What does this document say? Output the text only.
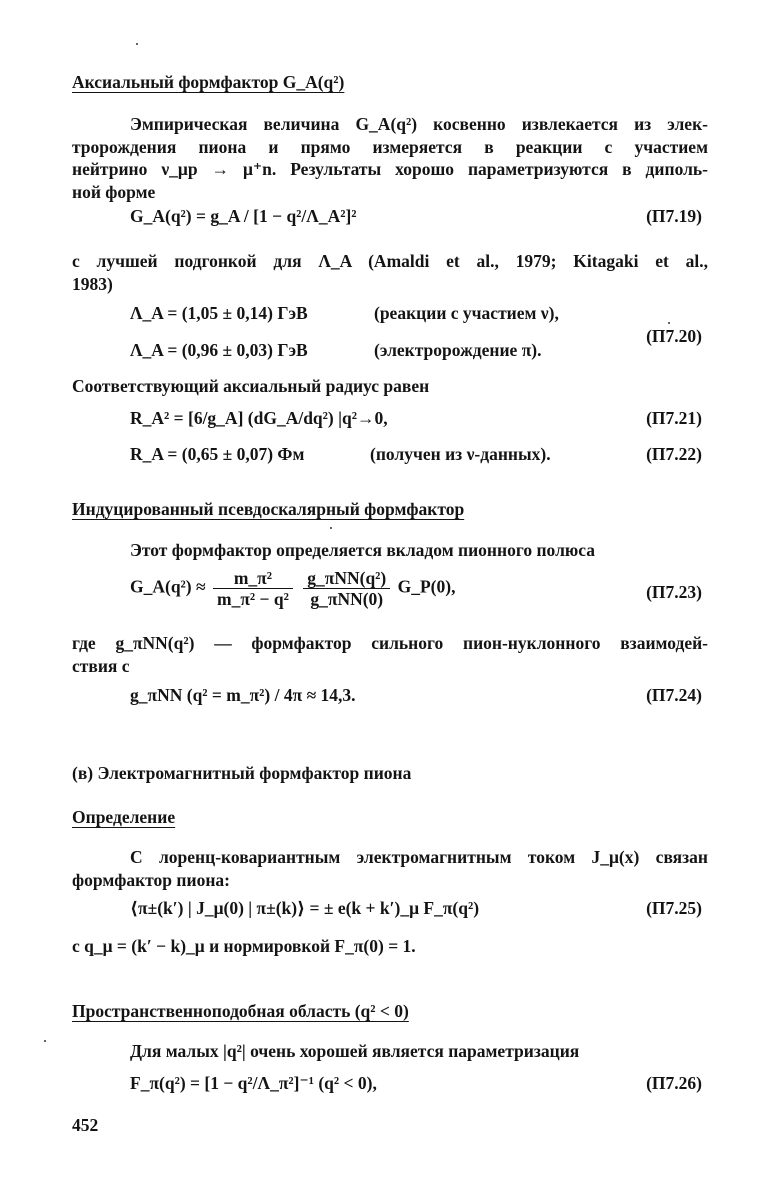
Аксиальный формфактор G_A(q²)
Эмпирическая величина G_A(q²) косвенно извлекается из элек-
тророждения пиона и прямо измеряется в реакции с участием
нейтрино ν_μp → μ⁺n. Результаты хорошо параметризуются в диполь-
ной форме
G_A(q²) = g_A / [1 − q²/Λ_A²]²	(П7.19)
с лучшей подгонкой для Λ_A (Amaldi et al., 1979; Kitagaki et al.,
1983)
Λ_A = (1,05 ± 0,14) ГэВ	(реакции с участием ν),
Λ_A = (0,96 ± 0,03) ГэВ	(электророждение π).
(П7.20)
Соответствующий аксиальный радиус равен
R_A² = [6/g_A] (dG_A/dq²) |q²→0,	(П7.21)
R_A = (0,65 ± 0,07) Фм	(получен из ν-данных).	(П7.22)
Индуцированный псевдоскалярный формфактор
Этот формфактор определяется вкладом пионного полюса
G_A(q²) ≈ $\frac{\text{m\_π²}}{\text{m\_π² − q²}}$
$\frac{\text{g\_πNN(q²)}}{\text{g\_πNN(0)}}$ G_P(0),	(П7.23)
где g_πNN(q²) — формфактор сильного пион-нуклонного взаимодей-
ствия с
g_πNN (q² = m_π²) / 4π ≈ 14,3.	(П7.24)
(в) Электромагнитный формфактор пиона
Определение
С лоренц-ковариантным электромагнитным током J_μ(x) связан
формфактор пиона:
⟨π±(k′) | J_μ(0) | π±(k)⟩ = ± e(k + k′)_μ F_π(q²)	(П7.25)
с q_μ = (k′ − k)_μ и нормировкой F_π(0) = 1.
Пространственноподобная область (q² < 0)
Для малых |q²| очень хорошей является параметризация
F_π(q²) = [1 − q²/Λ_π²]⁻¹ (q² < 0),	(П7.26)
452
